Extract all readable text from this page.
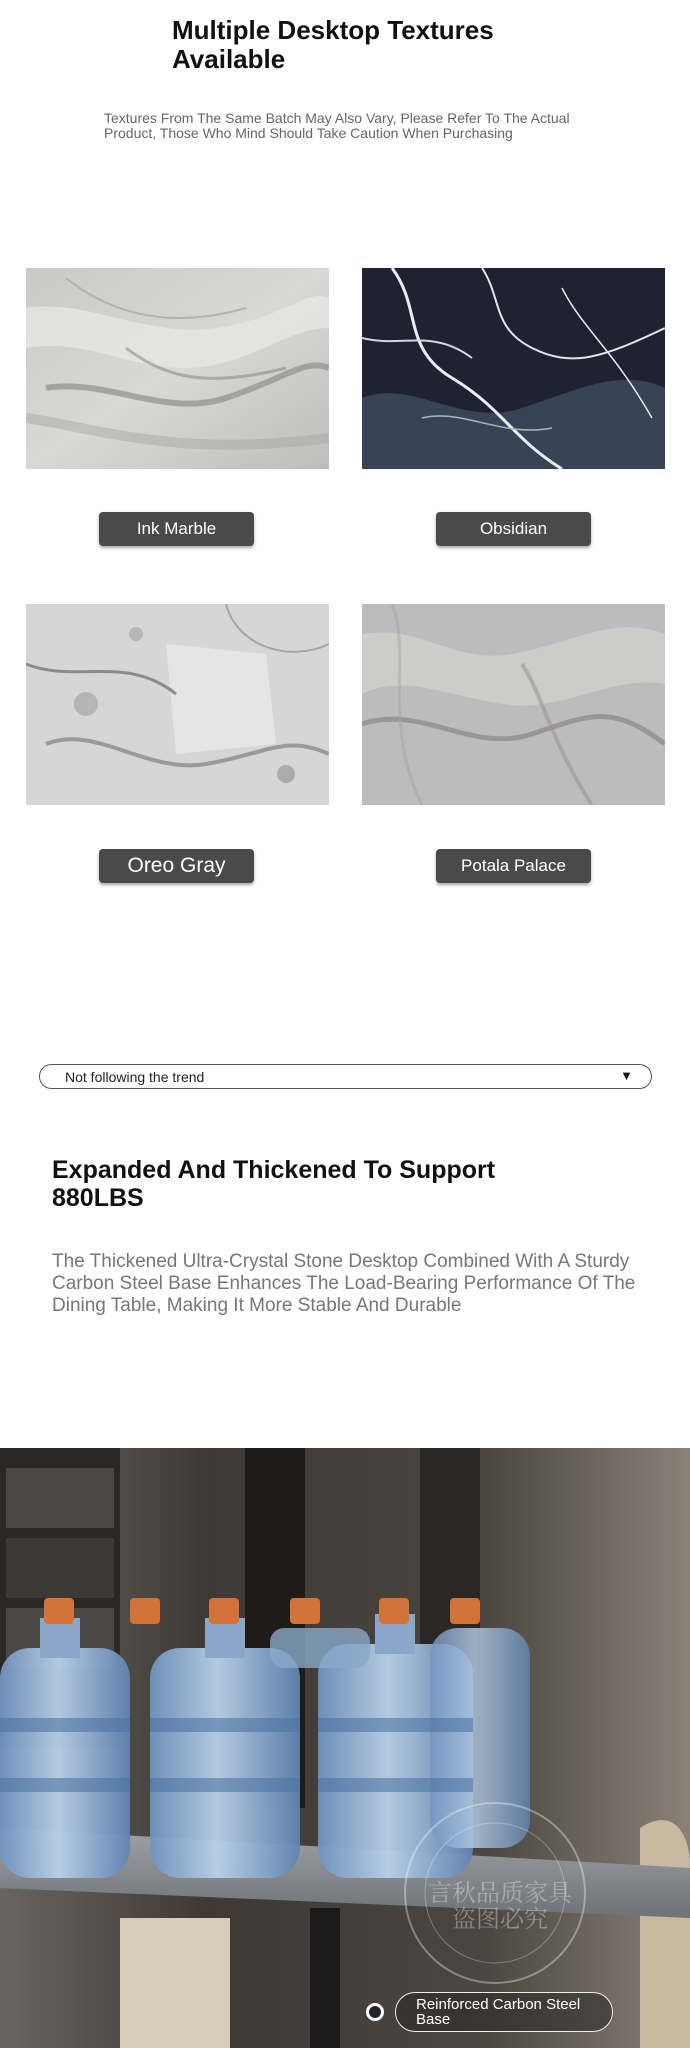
Multiple Desktop Textures Available
Textures From The Same Batch May Also Vary, Please Refer To The Actual Product, Those Who Mind Should Take Caution When Purchasing
Ink Marble	Obsidian
Oreo Gray	Potala Palace
Not following the trend	▼
Expanded And Thickened To Support 880LBS
The Thickened Ultra-Crystal Stone Desktop Combined With A Sturdy Carbon Steel Base Enhances The Load-Bearing Performance Of The Dining Table, Making It More Stable And Durable
言秋品质家具
盗图必究
Reinforced Carbon Steel Base
